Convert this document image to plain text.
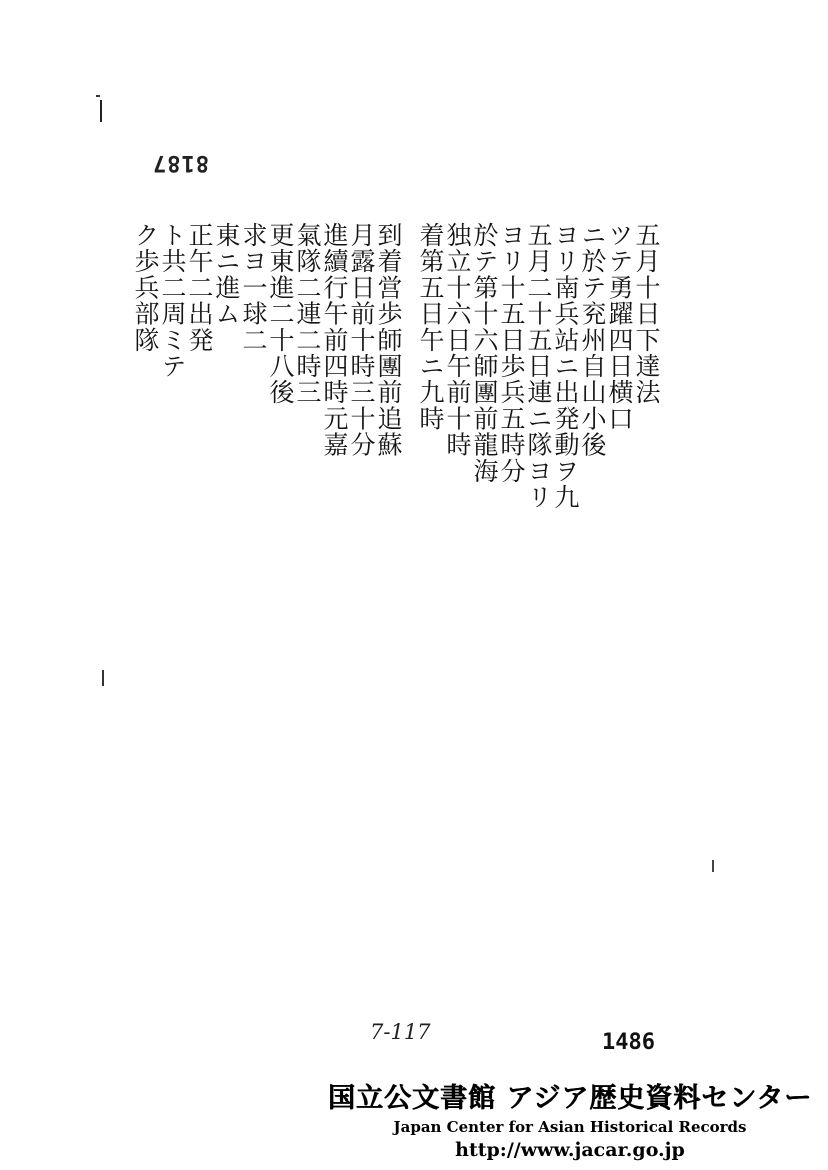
8187
五月十日下達法
ツテ勇躍四日横口
ニ於テ兖州自山小後
ヨリ南兵站ニ出発動ヲ九
五月二十五日連ニ隊ヨリ
ヨリ十五日歩兵五時分
於テ第十六師團前龍海
独立十六日午前十時
着第五日午ニ九時
到着営歩師團前追蘇
月露日前十時三十分
進續行午前四時元嘉
氣隊二連二時三
更東進二十八後
求ヨ一球二
東ニ進ム
正午二出発
ト共二周ミテ
ク歩兵部隊
7-117	1486
国立公文書館 アジア歴史資料センター
Japan Center for Asian Historical Records
http://www.jacar.go.jp
